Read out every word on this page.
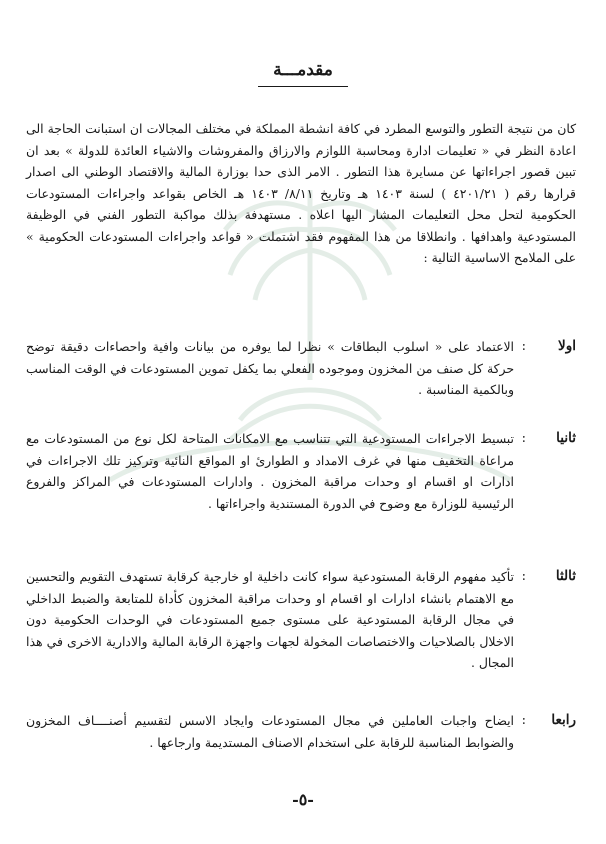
مقدمـــة

كان من نتيجة التطور والتوسع المطرد في كافة انشطة المملكة في مختلف المجالات ان استبانت الحاجة الى اعادة النظر في « تعليمات ادارة ومحاسبة اللوازم والارزاق والمفروشات والاشياء العائدة للدولة » بعد ان تبين قصور اجراءاتها عن مسايرة هذا التطور . الامر الذى حدا بوزارة المالية والاقتصاد الوطني الى اصدار قرارها رقم ( ٤٢٠١/٢١ ) لسنة ١٤٠٣ هـ وتاريخ ٨/١١/ ١٤٠٣ هـ الخاص بقواعد واجراءات المستودعات الحكومية لتحل محل التعليمات المشار اليها اعلاه . مستهدفة بذلك مواكبة التطور الفني في الوظيفة المستودعية واهدافها . وانطلاقا من هذا المفهوم فقد اشتملت « قواعد واجراءات المستودعات الحكومية » على الملامح الاساسية التالية :

اولا
:

الاعتماد على « اسلوب البطاقات » نظرا لما يوفره من بيانات وافية واحصاءات دقيقة توضح حركة كل صنف من المخزون وموجوده الفعلي بما يكفل تموين المستودعات في الوقت المناسب وبالكمية المناسبة .

ثانيا
:

تبسيط الاجراءات المستودعية التي تتناسب مع الامكانات المتاحة لكل نوع من المستودعات مع مراعاة التخفيف منها في غرف الامداد و الطوارئ او المواقع النائية وتركيز تلك الاجراءات في ادارات او اقسام او وحدات مراقبة المخزون . وادارات المستودعات في المراكز والفروع الرئيسية للوزارة مع وضوح في الدورة المستندية واجراءاتها .

ثالثا
:

تأكيد مفهوم الرقابة المستودعية سواء كانت داخلية او خارجية كرقابة تستهدف التقويم والتحسين مع الاهتمام بانشاء ادارات او اقسام او وحدات مراقبة المخزون كأداة للمتابعة والضبط الداخلي في مجال الرقابة المستودعية على مستوى جميع المستودعات في الوحدات الحكومية دون الاخلال بالصلاحيات والاختصاصات المخولة لجهات واجهزة الرقابة المالية والادارية الاخرى في هذا المجال .

رابعا
:

ايضاح واجبات العاملين في مجال المستودعات وايجاد الاسس لتقسيم أصنــــاف المخزون والضوابط المناسبة للرقابة على استخدام الاصناف المستديمة وارجاعها .

-٥-
